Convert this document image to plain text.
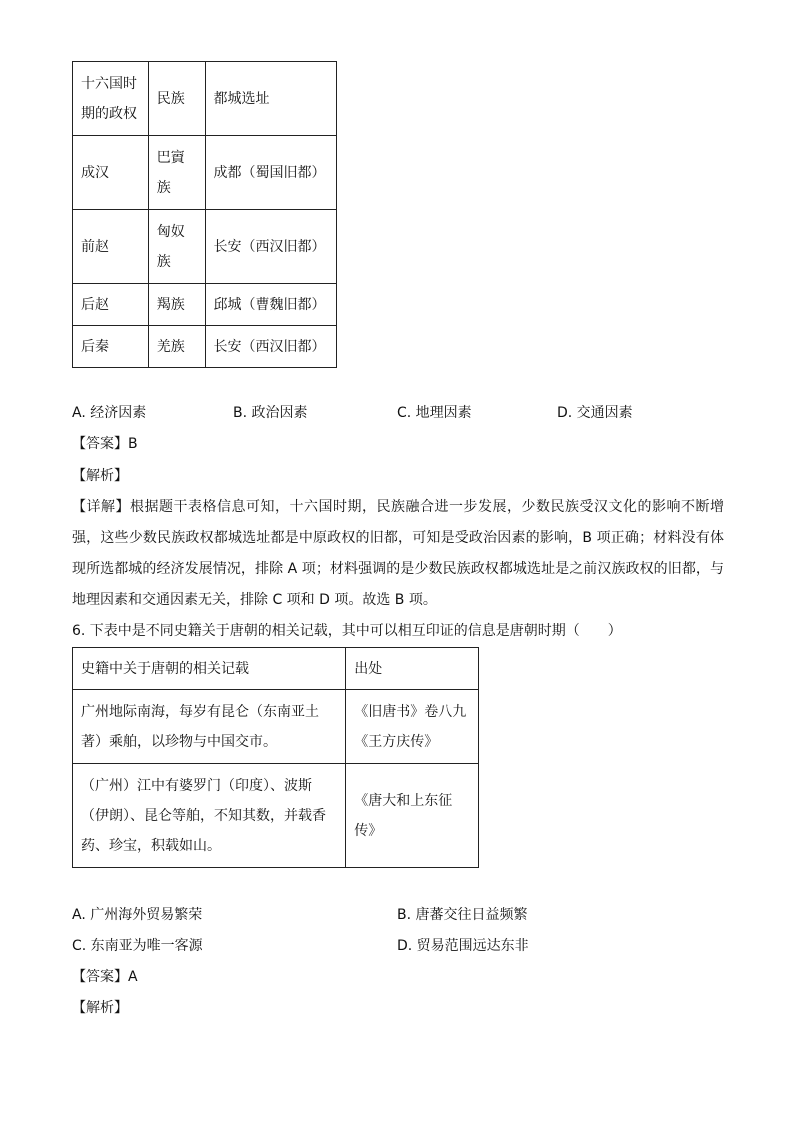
十六国时期的政权	民族	都城选址
成汉	巴賨族	成都（蜀国旧都）
前赵	匈奴族	长安（西汉旧都）
后赵	羯族	邱城（曹魏旧都）
后秦	羌族	长安（西汉旧都）
A. 经济因素	B. 政治因素	C. 地理因素	D. 交通因素
【答案】B
【解析】
【详解】根据题干表格信息可知，十六国时期，民族融合进一步发展，少数民族受汉文化的影响不断增强，这些少数民族政权都城选址都是中原政权的旧都，可知是受政治因素的影响，B 项正确；材料没有体现所选都城的经济发展情况，排除 A 项；材料强调的是少数民族政权都城选址是之前汉族政权的旧都，与地理因素和交通因素无关，排除 C 项和 D 项。故选 B 项。
6. 下表中是不同史籍关于唐朝的相关记载，其中可以相互印证的信息是唐朝时期（　　）
史籍中关于唐朝的相关记载	出处
广州地际南海，每岁有昆仑（东南亚土著）乘舶，以珍物与中国交市。	《旧唐书》卷八九《王方庆传》
（广州）江中有婆罗门（印度）、波斯（伊朗）、昆仑等舶，不知其数，并载香药、珍宝，积载如山。	《唐大和上东征传》
A. 广州海外贸易繁荣	B. 唐蕃交往日益频繁
C. 东南亚为唯一客源	D. 贸易范围远达东非
【答案】A
【解析】
